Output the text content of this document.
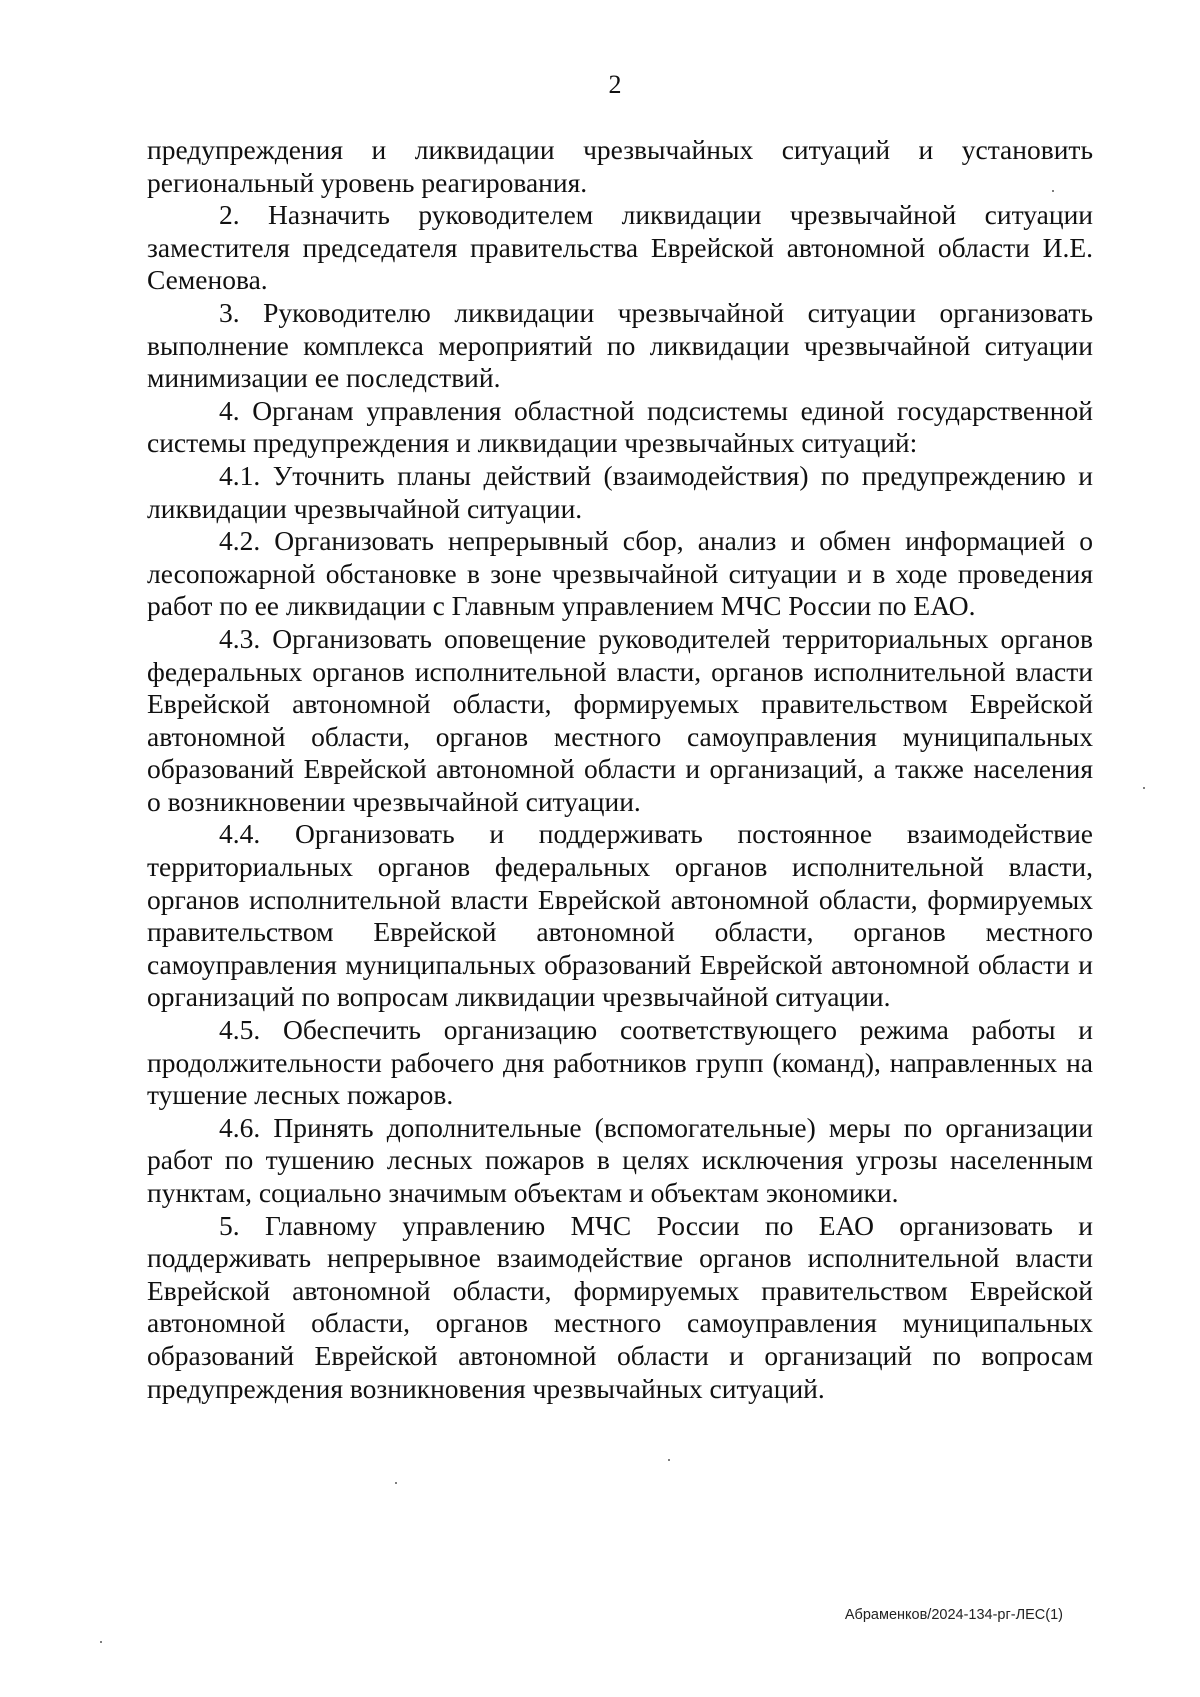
2

предупреждения и ликвидации чрезвычайных ситуаций и установить региональный уровень реагирования.

2. Назначить руководителем ликвидации чрезвычайной ситуации заместителя председателя правительства Еврейской автономной области И.Е. Семенова.

3. Руководителю ликвидации чрезвычайной ситуации организовать выполнение комплекса мероприятий по ликвидации чрезвычайной ситуации минимизации ее последствий.

4. Органам управления областной подсистемы единой государственной системы предупреждения и ликвидации чрезвычайных ситуаций:

4.1. Уточнить планы действий (взаимодействия) по предупреждению и ликвидации чрезвычайной ситуации.

4.2. Организовать непрерывный сбор, анализ и обмен информацией о лесопожарной обстановке в зоне чрезвычайной ситуации и в ходе проведения работ по ее ликвидации с Главным управлением МЧС России по ЕАО.

4.3. Организовать оповещение руководителей территориальных органов федеральных органов исполнительной власти, органов исполнительной власти Еврейской автономной области, формируемых правительством Еврейской автономной области, органов местного самоуправления муниципальных образований Еврейской автономной области и организаций, а также населения о возникновении чрезвычайной ситуации.

4.4. Организовать и поддерживать постоянное взаимодействие территориальных органов федеральных органов исполнительной власти, органов исполнительной власти Еврейской автономной области, формируемых правительством Еврейской автономной области, органов местного самоуправления муниципальных образований Еврейской автономной области и организаций по вопросам ликвидации чрезвычайной ситуации.

4.5. Обеспечить организацию соответствующего режима работы и продолжительности рабочего дня работников групп (команд), направленных на тушение лесных пожаров.

4.6. Принять дополнительные (вспомогательные) меры по организации работ по тушению лесных пожаров в целях исключения угрозы населенным пунктам, социально значимым объектам и объектам экономики.

5. Главному управлению МЧС России по ЕАО организовать и поддерживать непрерывное взаимодействие органов исполнительной власти Еврейской автономной области, формируемых правительством Еврейской автономной области, органов местного самоуправления муниципальных образований Еврейской автономной области и организаций по вопросам предупреждения возникновения чрезвычайных ситуаций.

Абраменков/2024-134-рг-ЛЕС(1)
